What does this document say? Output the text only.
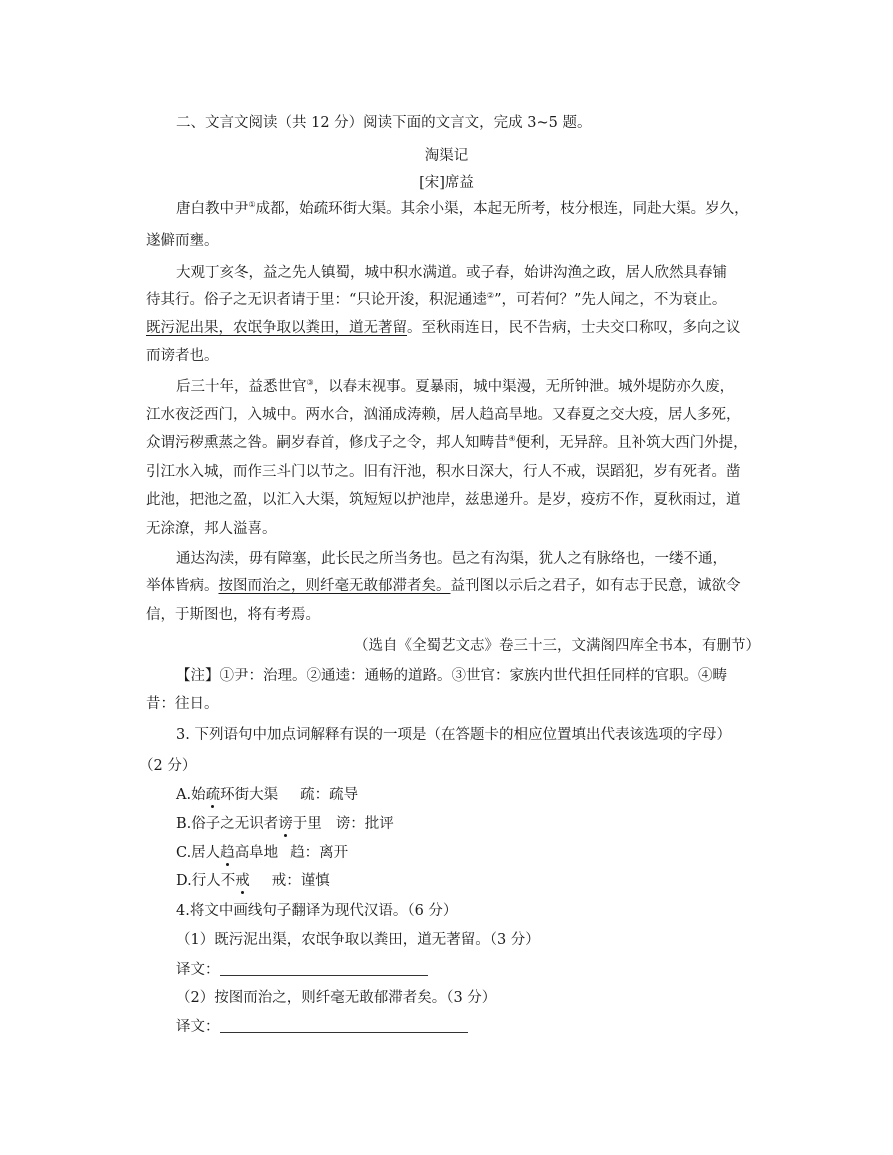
二、文言文阅读（共 12 分）阅读下面的文言文，完成 3~5 题。
淘渠记
[宋]席益
唐白教中尹①成都，始疏环街大渠。其余小渠，本起无所考，枝分根连，同赴大渠。岁久，
遂僻而壅。
大观丁亥冬，益之先人镇蜀，城中积水满道。或子春，始讲沟渔之政，居人欣然具春铺
待其行。俗子之无识者请于里：“只论开浚，积泥通逵②”，可若何？”先人闻之，不为衰止。
既污泥出果，农氓争取以粪田，道无著留。至秋雨连日，民不告病，士夫交口称叹，多向之议
而谤者也。
后三十年，益悉世官③，以春末视事。夏暴雨，城中渠漫，无所钟泄。城外堤防亦久废，
江水夜泛西门，入城中。两水合，汹涌成涛赖，居人趋高旱地。又春夏之交大疫，居人多死，
众谓污秽熏蒸之咎。嗣岁春首，修戊子之令，邦人知畴昔④便利，无异辞。且补筑大西门外提，
引江水入城，而作三斗门以节之。旧有汗池，积水日深大，行人不戒，误蹈犯，岁有死者。凿
此池，把池之盈，以汇入大渠，筑短短以护池岸，兹患递升。是岁，疫疠不作，夏秋雨过，道
无涂潦，邦人溢喜。
通达沟渎，毋有障塞，此长民之所当务也。邑之有沟渠，犹人之有脉络也，一缕不通，
举体皆病。按图而治之，则纤毫无敢郁滞者矣。益刊图以示后之君子，如有志于民意，诚欲令
信，于斯图也，将有考焉。
（选自《全蜀艺文志》卷三十三，文满阁四库全书本，有删节）
【注】①尹：治理。②通逵：通畅的道路。③世官：家族内世代担任同样的官职。④畴
昔：往日。
3. 下列语句中加点词解释有误的一项是（在答题卡的相应位置填出代表该选项的字母）
（2 分）
A.始疏环街大渠 疏：疏导
B.俗子之无识者谤于里 谤：批评
C.居人趋高阜地 趋：离开
D.行人不戒 戒：谨慎
4.将文中画线句子翻译为现代汉语。（6 分）
（1）既污泥出渠，农氓争取以粪田，道无著留。（3 分）
译文：
（2）按图而治之，则纤毫无敢郁滞者矣。（3 分）
译文：
